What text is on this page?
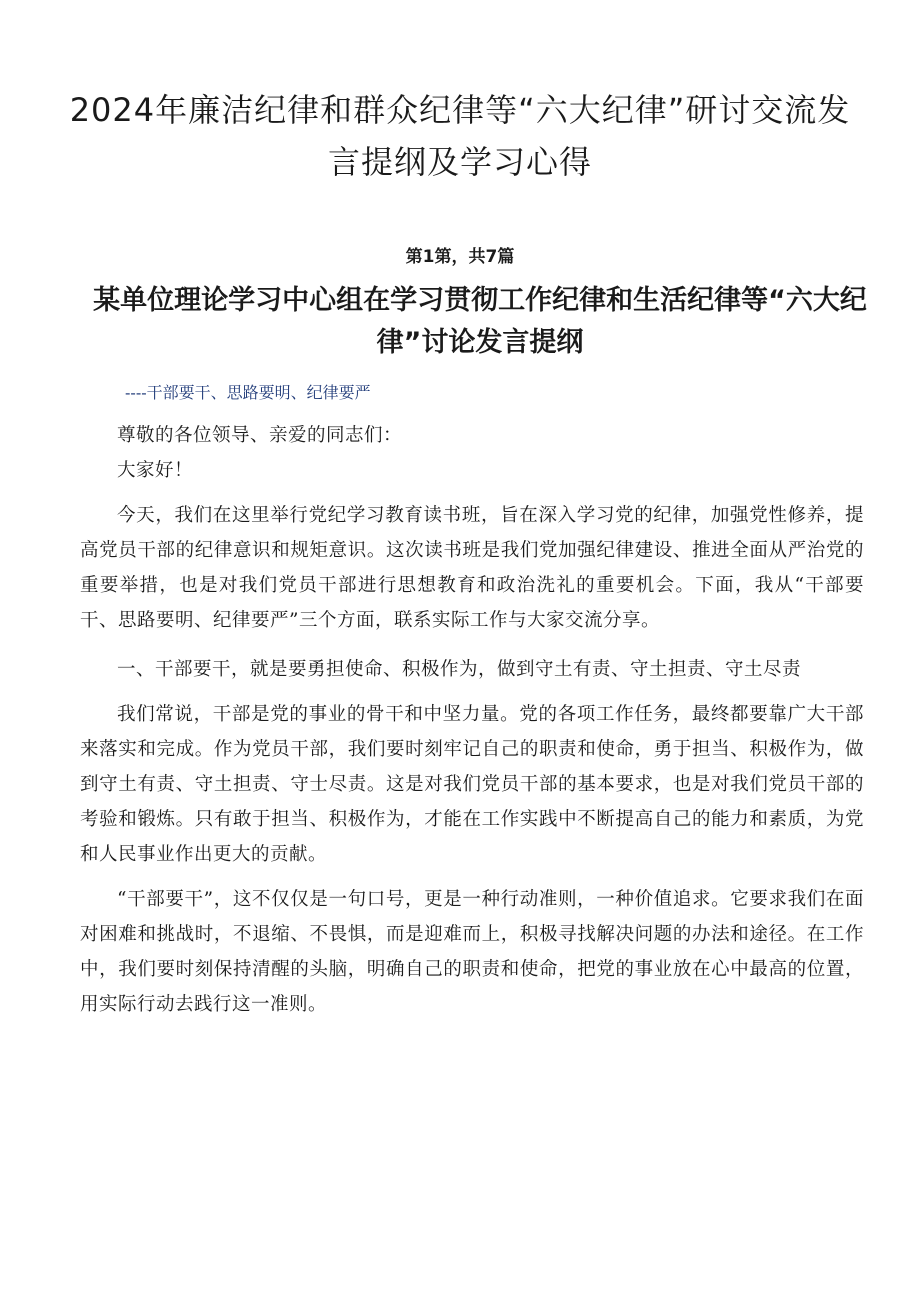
2024年廉洁纪律和群众纪律等“六大纪律”研讨交流发言提纲及学习心得
第1第，共7篇
某单位理论学习中心组在学习贯彻工作纪律和生活纪律等“六大纪律”讨论发言提纲
----干部要干、思路要明、纪律要严

尊敬的各位领导、亲爱的同志们：

大家好！

今天，我们在这里举行党纪学习教育读书班，旨在深入学习党的纪律，加强党性修养，提高党员干部的纪律意识和规矩意识。这次读书班是我们党加强纪律建设、推进全面从严治党的重要举措，也是对我们党员干部进行思想教育和政治洗礼的重要机会。下面，我从“干部要干、思路要明、纪律要严”三个方面，联系实际工作与大家交流分享。

一、干部要干，就是要勇担使命、积极作为，做到守土有责、守土担责、守土尽责

我们常说，干部是党的事业的骨干和中坚力量。党的各项工作任务，最终都要靠广大干部来落实和完成。作为党员干部，我们要时刻牢记自己的职责和使命，勇于担当、积极作为，做到守土有责、守土担责、守士尽责。这是对我们党员干部的基本要求，也是对我们党员干部的考验和锻炼。只有敢于担当、积极作为，才能在工作实践中不断提高自己的能力和素质，为党和人民事业作出更大的贡献。

“干部要干”，这不仅仅是一句口号，更是一种行动准则，一种价值追求。它要求我们在面对困难和挑战时，不退缩、不畏惧，而是迎难而上，积极寻找解决问题的办法和途径。在工作中，我们要时刻保持清醒的头脑，明确自己的职责和使命，把党的事业放在心中最高的位置，用实际行动去践行这一准则。
